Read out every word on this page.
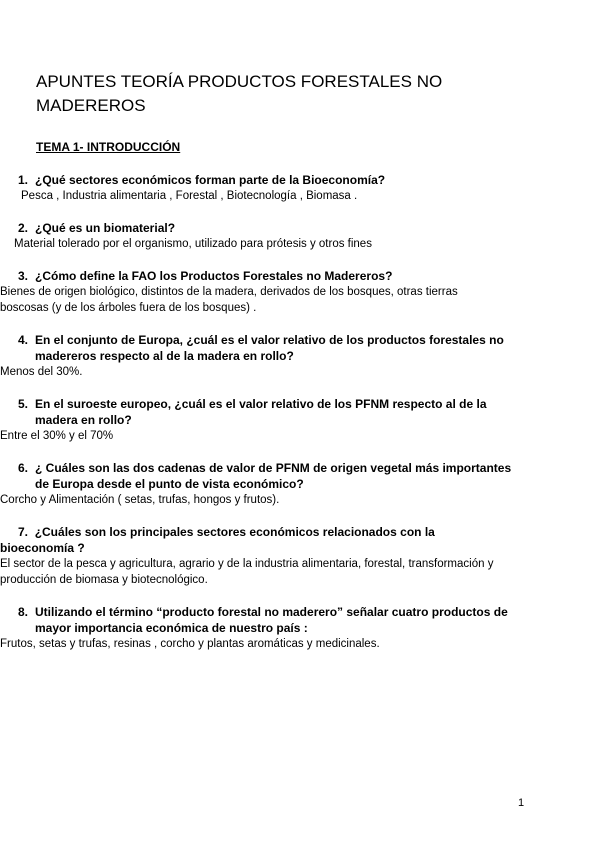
APUNTES TEORÍA PRODUCTOS FORESTALES NO MADEREROS
TEMA 1- INTRODUCCIÓN
1. ¿Qué sectores económicos forman parte de la Bioeconomía?
Pesca , Industria alimentaria , Forestal , Biotecnología , Biomasa .
2. ¿Qué es un biomaterial?
Material tolerado por el organismo, utilizado para prótesis y otros fines
3. ¿Cómo define la FAO los Productos Forestales no Madereros?
Bienes de origen biológico, distintos de la madera, derivados de los bosques, otras tierras boscosas (y de los árboles fuera de los bosques) .
4. En el conjunto de Europa, ¿cuál es el valor relativo de los productos forestales no madereros respecto al de la madera en rollo?
Menos del 30%.
5. En el suroeste europeo, ¿cuál es el valor relativo de los PFNM respecto al de la madera en rollo?
Entre el 30% y el 70%
6. ¿ Cuáles son las dos cadenas de valor de PFNM de origen vegetal más importantes de Europa desde el punto de vista económico?
Corcho y Alimentación ( setas, trufas, hongos y frutos).
7. ¿Cuáles son los principales sectores económicos relacionados con la bioeconomía ?
El sector de la pesca y agricultura, agrario y de la industria alimentaria, forestal, transformación y producción de biomasa y biotecnológico.
8. Utilizando el término “producto forestal no maderero” señalar cuatro productos de mayor importancia económica de nuestro país :
Frutos, setas y trufas, resinas , corcho y plantas aromáticas y medicinales.
1
